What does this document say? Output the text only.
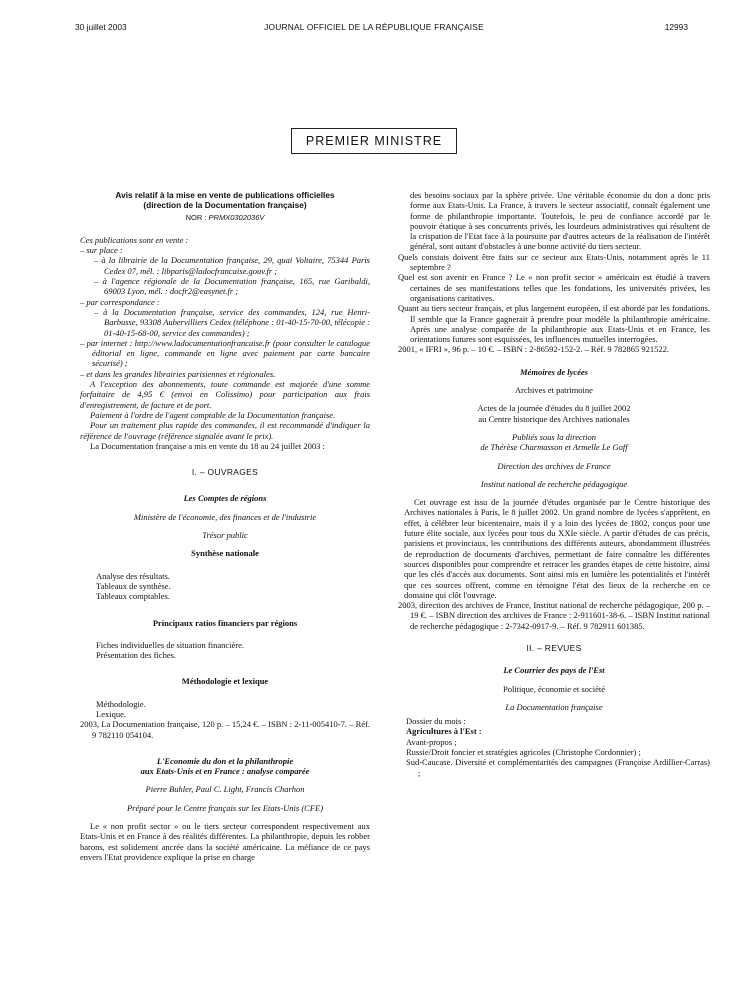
30 juillet 2003	JOURNAL OFFICIEL DE LA RÉPUBLIQUE FRANÇAISE	12993
PREMIER MINISTRE

Avis relatif à la mise en vente de publications officielles

(direction de la Documentation française)

NOR : PRMX0302036V

Ces publications sont en vente :

– sur place :

– à la librairie de la Documentation française, 29, quai Voltaire, 75344 Paris Cedex 07, mél. : libparis@ladocfrancaise.gouv.fr ;

– à l'agence régionale de la Documentation française, 165, rue Garibaldi, 69003 Lyon, mél. : docfr2@easynet.fr ;

– par correspondance :

– à la Documentation française, service des commandes, 124, rue Henri-Barbusse, 93308 Aubervilliers Cedex (téléphone : 01-40-15-70-00, télécopie : 01-40-15-68-00, service des commandes) ;

– par internet : http://www.ladocumentationfrancaise.fr (pour consulter le catalogue éditorial en ligne, commande en ligne avec paiement par carte bancaire sécurisé) ;

– et dans les grandes librairies parisiennes et régionales.

A l'exception des abonnements, toute commande est majorée d'une somme forfaitaire de 4,95 € (envoi en Colissimo) pour participation aux frais d'enregistrement, de facture et de port.

Paiement à l'ordre de l'agent comptable de la Documentation française.

Pour un traitement plus rapide des commandes, il est recommandé d'indiquer la référence de l'ouvrage (référence signalée avant le prix).

La Documentation française a mis en vente du 18 au 24 juillet 2003 :

I. – OUVRAGES

Les Comptes de régions

Ministère de l'économie, des finances et de l'industrie

Trésor public

Synthèse nationale

Analyse des résultats.

Tableaux de synthèse.

Tableaux comptables.

Principaux ratios financiers par régions

Fiches individuelles de situation financière.

Présentation des fiches.

Méthodologie et lexique

Méthodologie.

Lexique.

2003, La Documentation française, 120 p. – 15,24 €. – ISBN : 2-11-005410-7. – Réf. 9 782110 054104.

L'Economie du don et la philanthropie

aux Etats-Unis et en France : analyse comparée

Pierre Buhler, Paul C. Light, Francis Charhon

Préparé pour le Centre français sur les Etats-Unis (CFE)

Le « non profit sector » ou le tiers secteur correspondent respectivement aux Etats-Unis et en France à des réalités différentes. La philanthropie, depuis les robber barons, est solidement ancrée dans la société américaine. La méfiance de ce pays envers l'Etat providence explique la prise en charge

des besoins sociaux par la sphère privée. Une véritable économie du don a donc pris forme aux Etats-Unis. La France, à travers le secteur associatif, connaît également une forme de philanthropie importante. Toutefois, le peu de confiance accordé par le pouvoir étatique à ses concurrents privés, les lourdeurs administratives qui résultent de la crispation de l'Etat face à la poursuite par d'autres acteurs de la réalisation de l'intérêt général, sont autant d'obstacles à une bonne activité du tiers secteur.

Quels constats doivent être faits sur ce secteur aux Etats-Unis, notamment après le 11 septembre ?

Quel est son avenir en France ? Le « non profit sector » américain est étudié à travers certaines de ses manifestations telles que les fondations, les universités privées, les organisations caritatives.

Quant au tiers secteur français, et plus largement européen, il est abordé par les fondations. Il semble que la France gagnerait à prendre pour modèle la philanthropie américaine. Après une analyse comparée de la philanthropie aux Etats-Unis et en France, les orientations futures sont esquissées, les influences mutuelles interrogées.

2001, « IFRI », 96 p. – 10 €. – ISBN : 2-86592-152-2. – Réf. 9 782865 921522.

Mémoires de lycées

Archives et patrimoine

Actes de la journée d'études du 8 juillet 2002

au Centre historique des Archives nationales

Publiés sous la direction

de Thérèse Charmasson et Armelle Le Goff

Direction des archives de France

Institut national de recherche pédagogique

Cet ouvrage est issu de la journée d'études organisée par le Centre historique des Archives nationales à Paris, le 8 juillet 2002. Un grand nombre de lycées s'apprêtent, en effet, à célébrer leur bicentenaire, mais il y a loin des lycées de 1802, conçus pour une future élite sociale, aux lycées pour tous du XXIe siècle. A partir d'études de cas précis, parisiens et provinciaux, les contributions des différents auteurs, abondamment illustrées de reproduction de documents d'archives, permettant de faire connaître les différentes sources disponibles pour comprendre et retracer les grandes étapes de cette histoire, ainsi que les clés d'accès aux documents. Sont ainsi mis en lumière les potentialités et l'intérêt que ces sources offrent, comme en témoigne l'état des lieux de la recherche en ce domaine qui clôt l'ouvrage.

2003, direction des archives de France, Institut national de recherche pédagogique, 200 p. – 19 €. – ISBN direction des archives de France : 2-911601-38-6. – ISBN Institut national de recherche pédagogique : 2-7342-0917-9. – Réf. 9 782911 601385.

II. – REVUES

Le Courrier des pays de l'Est

Politique, économie et société

La Documentation française

Dossier du mois :

Agricultures à l'Est :

Avant-propos ;

Russie/Droit foncier et stratégies agricoles (Christophe Cordonnier) ;

Sud-Caucase. Diversité et complémentarités des campagnes (Françoise Ardillier-Carras) ;
